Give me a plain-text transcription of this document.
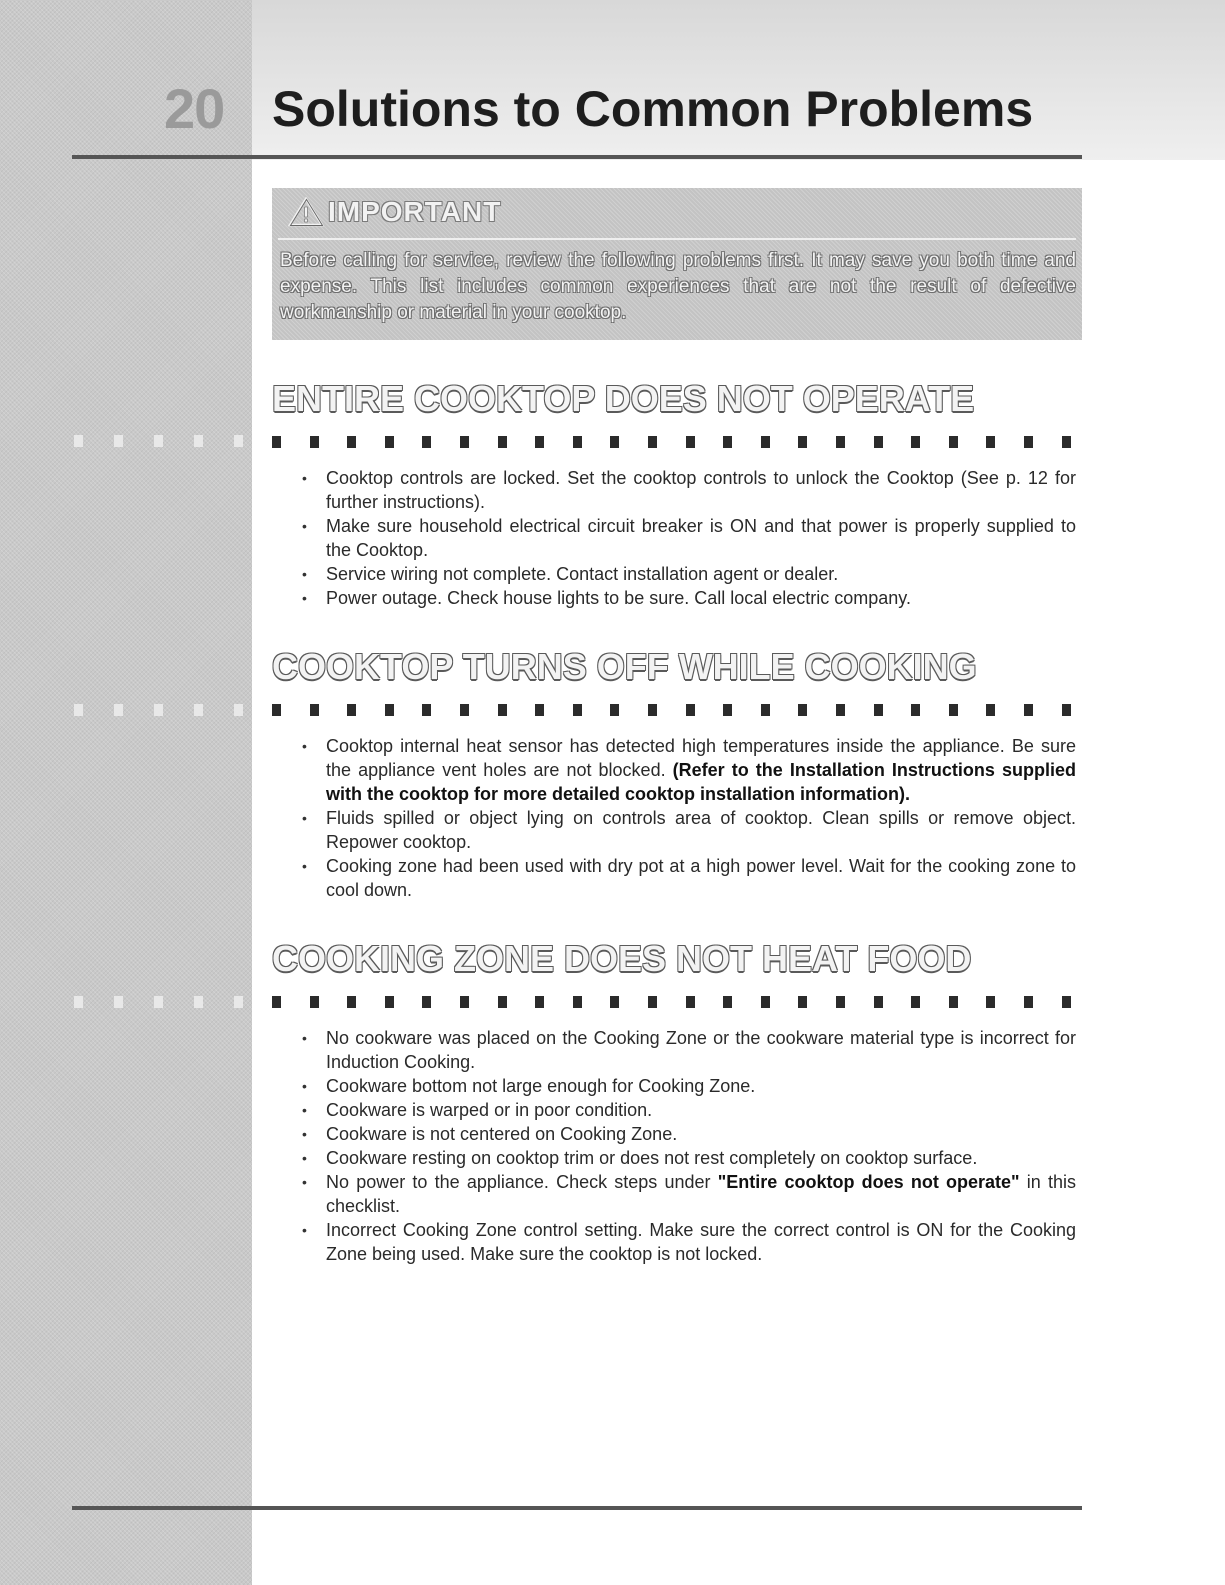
20 Solutions to Common Problems
IMPORTANT
Before calling for service, review the following problems first. It may save you both time and expense. This list includes common experiences that are not the result of defective workmanship or material in your cooktop.
ENTIRE COOKTOP DOES NOT OPERATE
• Cooktop controls are locked. Set the cooktop controls to unlock the Cooktop (See p. 12 for further instructions).
• Make sure household electrical circuit breaker is ON and that power is properly supplied to the Cooktop.
• Service wiring not complete. Contact installation agent or dealer.
• Power outage. Check house lights to be sure. Call local electric company.
COOKTOP TURNS OFF WHILE COOKING
• Cooktop internal heat sensor has detected high temperatures inside the appliance. Be sure the appliance vent holes are not blocked. (Refer to the Installation Instructions supplied with the cooktop for more detailed cooktop installation information).
• Fluids spilled or object lying on controls area of cooktop. Clean spills or remove object. Repower cooktop.
• Cooking zone had been used with dry pot at a high power level. Wait for the cooking zone to cool down.
COOKING ZONE DOES NOT HEAT FOOD
• No cookware was placed on the Cooking Zone or the cookware material type is incorrect for Induction Cooking.
• Cookware bottom not large enough for Cooking Zone.
• Cookware is warped or in poor condition.
• Cookware is not centered on Cooking Zone.
• Cookware resting on cooktop trim or does not rest completely on cooktop surface.
• No power to the appliance. Check steps under "Entire cooktop does not operate" in this checklist.
• Incorrect Cooking Zone control setting. Make sure the correct control is ON for the Cooking Zone being used. Make sure the cooktop is not locked.
